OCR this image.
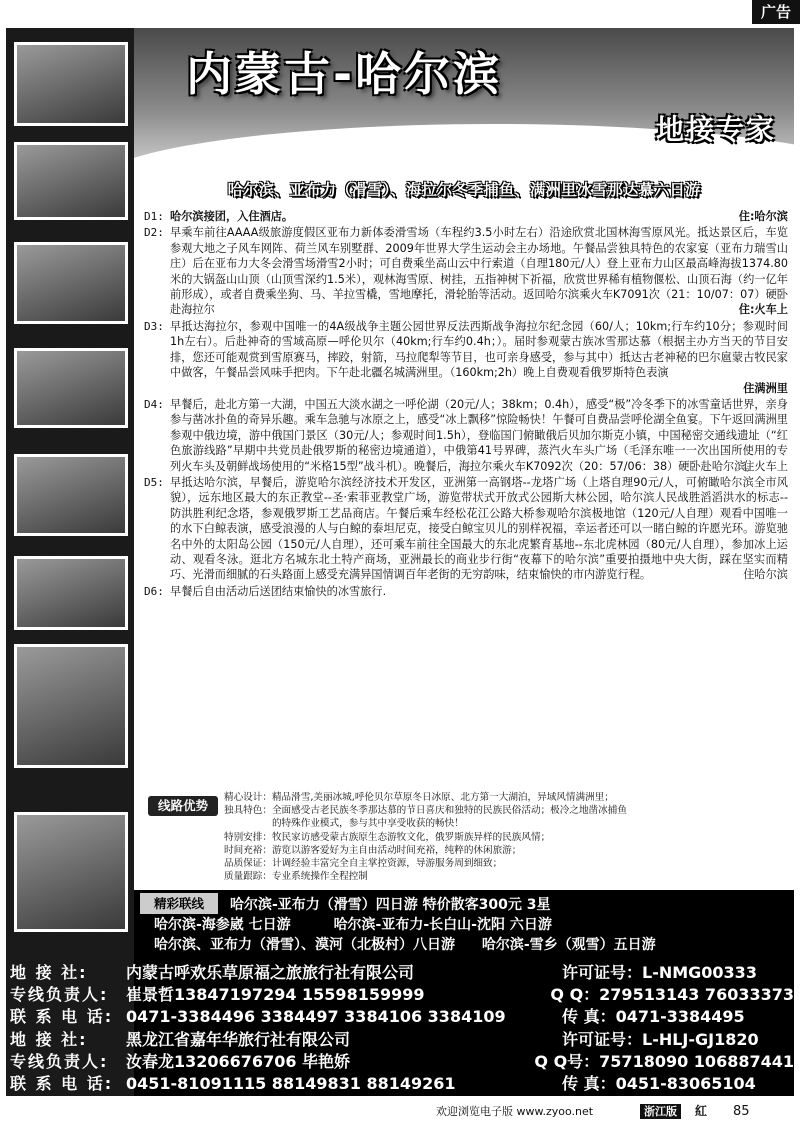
广告
内蒙古-哈尔滨
地接专家
哈尔滨、亚布力（滑雪）、海拉尔冬季捕鱼、满洲里冰雪那达慕六日游
D1: 哈尔滨接团，入住酒店。	住:哈尔滨
D2: 早乘车前往AAAA级旅游度假区亚布力新体委滑雪场（车程约3.5小时左右）沿途欣赏北国林海雪原风光。抵达景区后，车览参观大地之子风车网阵、荷兰风车别墅群、2009年世界大学生运动会主办场地。午餐品尝独具特色的农家宴（亚布力瑞雪山庄）后在亚布力大冬会滑雪场滑雪2小时；可自费乘坐高山云中行索道（自理180元/人）登上亚布力山区最高峰海拔1374.80米的大锅盔山山顶（山顶雪深约1.5米），观林海雪原、树挂，五指神树下祈福，欣赏世界稀有植物偃松、山顶石海（约一亿年前形成），或者自费乘坐狗、马、羊拉雪橇，雪地摩托，滑轮胎等活动。返回哈尔滨乘火车K7091次（21：10/07：07）硬卧赴海拉尔	住:火车上
D3: 早抵达海拉尔，参观中国唯一的4A级战争主题公园世界反法西斯战争海拉尔纪念园（60/人；10km;行车约10分；参观时间1h左右）。后赴神奇的雪域高原—呼伦贝尔（40km;行车约0.4h；）。届时参观蒙古族冰雪那达慕（根据主办方当天的节目安排，您还可能观赏到雪原赛马，摔跤，射箭，马拉爬犁等节目，也可亲身感受，参与其中）抵达古老神秘的巴尔扈蒙古牧民家中做客，午餐品尝风味手把肉。下午赴北疆名城满洲里。（160km;2h）晚上自费观看俄罗斯特色表演
住满洲里
D4: 早餐后，赴北方第一大湖，中国五大淡水湖之一呼伦湖（20元/人；38km；0.4h），感受“极”冷冬季下的冰雪童话世界，亲身参与凿冰扑鱼的奇异乐趣。乘车急驰与冰原之上，感受“冰上飘移”惊险畅快！午餐可自费品尝呼伦湖全鱼宴。下午返回满洲里参观中俄边境，游中俄国门景区（30元/人；参观时间1.5h），登临国门俯瞰俄后贝加尔斯克小镇，中国秘密交通线遗址（“红色旅游线路”早期中共党员赴俄罗斯的秘密边境通道），中俄第41号界碑，蒸汽火车头广场（毛泽东唯一一次出国所使用的专列火车头及朝鲜战场使用的“米格15型”战斗机）。晚餐后，海拉尔乘火车K7092次（20：57/06：38）硬卧赴哈尔滨。
住火车上
D5: 早抵达哈尔滨，早餐后，游览哈尔滨经济技术开发区，亚洲第一高钢塔--龙塔广场（上塔自理90元/人，可俯瞰哈尔滨全市风貌），远东地区最大的东正教堂--圣·索菲亚教堂广场，游览带状式开放式公园斯大林公园，哈尔滨人民战胜滔滔洪水的标志--防洪胜利纪念塔，参观俄罗斯工艺品商店。午餐后乘车经松花江公路大桥参观哈尔滨极地馆（120元/人自理）观看中国唯一的水下白鲸表演，感受浪漫的人与白鲸的泰坦尼克，接受白鲸宝贝儿的别样祝福，幸运者还可以一睹白鲸的许愿光环。游览驰名中外的太阳岛公园（150元/人自理），还可乘车前往全国最大的东北虎繁育基地--东北虎林园（80元/人自理），参加冰上运动、观看冬泳。逛北方名城东北土特产商场，亚洲最长的商业步行街“夜幕下的哈尔滨”重要拍摄地中央大街，踩在坚实而精巧、光滑而细腻的石头路面上感受充满异国情调百年老街的无穷韵味，结束愉快的市内游览行程。	住哈尔滨
D6: 早餐后自由活动后送团结束愉快的冰雪旅行.
线路优势
精心设计：精品滑雪,美丽冰城,呼伦贝尔草原冬日冰原、北方第一大湖泊，异域风情满洲里；
独具特色：全面感受古老民族冬季那达慕的节日喜庆和独特的民族民俗活动；极冷之地凿冰捕鱼
　　　　　的特殊作业模式，参与其中享受收获的畅快！
特别安排：牧民家访感受蒙古族原生态游牧文化，俄罗斯族异样的民族风情；
时间充裕：游览以游客爱好为主自由活动时间充裕，纯粹的休闲旅游；
品质保证：计调经验丰富完全自主掌控资源，导游服务周到细致；
质量跟踪：专业系统操作全程控制
精彩联线	哈尔滨-亚布力（滑雪）四日游 特价散客300元 3星
哈尔滨-海参崴 七日游	哈尔滨-亚布力-长白山-沈阳 六日游
哈尔滨、亚布力（滑雪）、漠河（北极村）八日游 哈尔滨-雪乡（观雪）五日游
地 接 社:	内蒙古呼欢乐草原福之旅旅行社有限公司	许可证号：L-NMG00333
专线负责人:	崔景哲13847197294 15598159999	Q Q：279513143 76033373
联 系 电 话: 0471-3384496 3384497 3384106 3384109	传 真：0471-3384495
地 接 社:	黑龙江省嘉年华旅行社有限公司	许可证号：L-HLJ-GJ1820
专线负责人:	汝春龙13206676706 毕艳娇	Q Q号：75718090 106887441
联 系 电 话: 0451-81091115 88149831 88149261	传 真：0451-83065104
欢迎浏览电子版 www.zyoo.net	浙江版	紅 85
